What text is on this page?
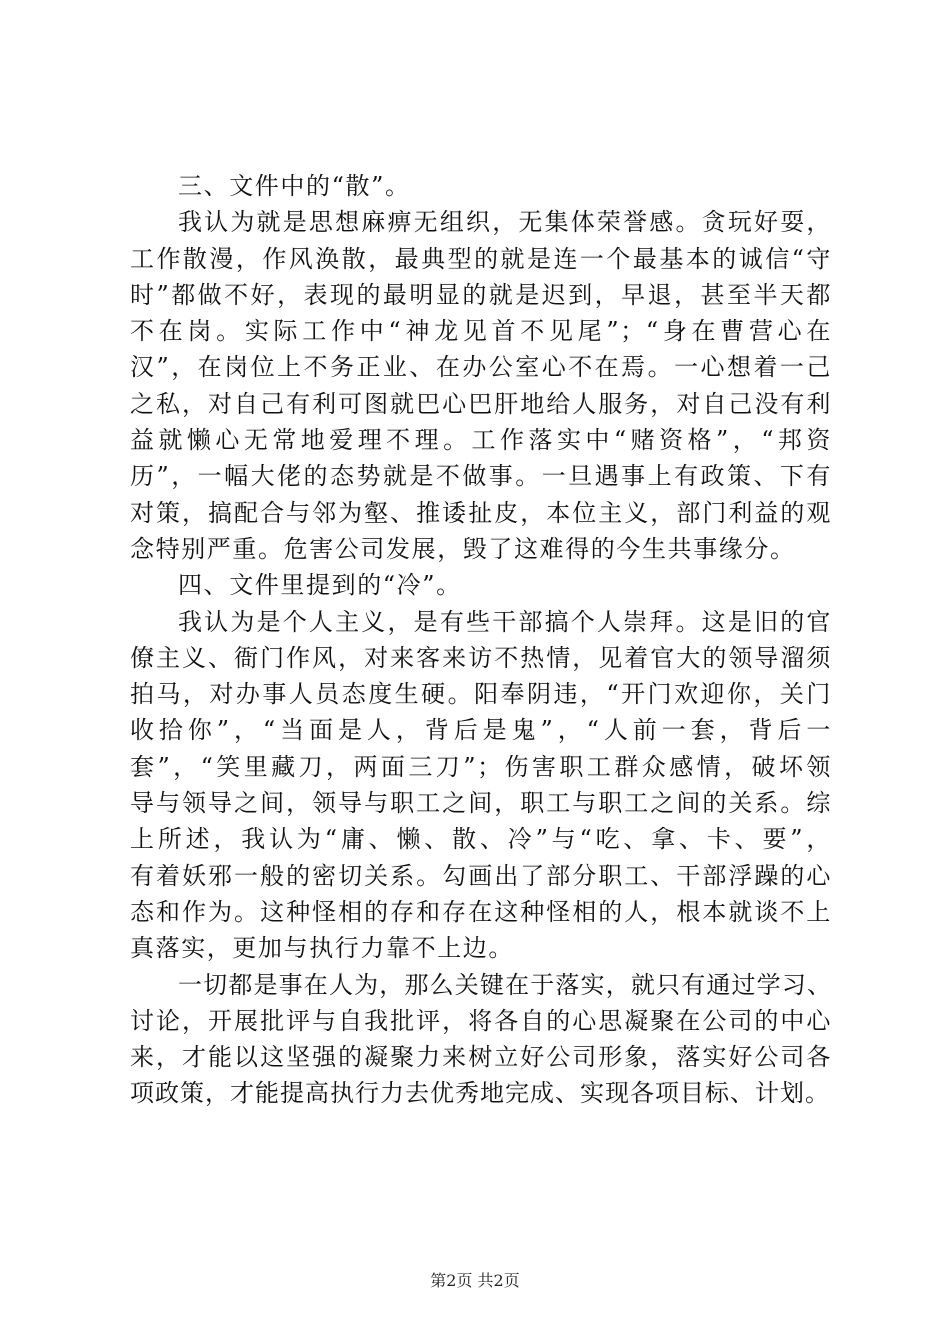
三、文件中的“散”。
我认为就是思想麻痹无组织，无集体荣誉感。贪玩好耍，
工作散漫，作风涣散，最典型的就是连一个最基本的诚信“守
时”都做不好，表现的最明显的就是迟到，早退，甚至半天都
不在岗。实际工作中“神龙见首不见尾”；“身在曹营心在
汉”，在岗位上不务正业、在办公室心不在焉。一心想着一己
之私，对自己有利可图就巴心巴肝地给人服务，对自己没有利
益就懒心无常地爱理不理。工作落实中“赌资格”，“邦资
历”，一幅大佬的态势就是不做事。一旦遇事上有政策、下有
对策，搞配合与邻为壑、推诿扯皮，本位主义，部门利益的观
念特别严重。危害公司发展，毁了这难得的今生共事缘分。
四、文件里提到的“冷”。
我认为是个人主义，是有些干部搞个人崇拜。这是旧的官
僚主义、衙门作风，对来客来访不热情，见着官大的领导溜须
拍马，对办事人员态度生硬。阳奉阴违，“开门欢迎你，关门
收拾你”，“当面是人，背后是鬼”，“人前一套，背后一
套”，“笑里藏刀，两面三刀”；伤害职工群众感情，破坏领
导与领导之间，领导与职工之间，职工与职工之间的关系。综
上所述，我认为“庸、懒、散、冷”与“吃、拿、卡、要”，
有着妖邪一般的密切关系。勾画出了部分职工、干部浮躁的心
态和作为。这种怪相的存和存在这种怪相的人，根本就谈不上
真落实，更加与执行力靠不上边。
一切都是事在人为，那么关键在于落实，就只有通过学习、
讨论，开展批评与自我批评，将各自的心思凝聚在公司的中心
来，才能以这坚强的凝聚力来树立好公司形象，落实好公司各
项政策，才能提高执行力去优秀地完成、实现各项目标、计划。
第2页 共2页
